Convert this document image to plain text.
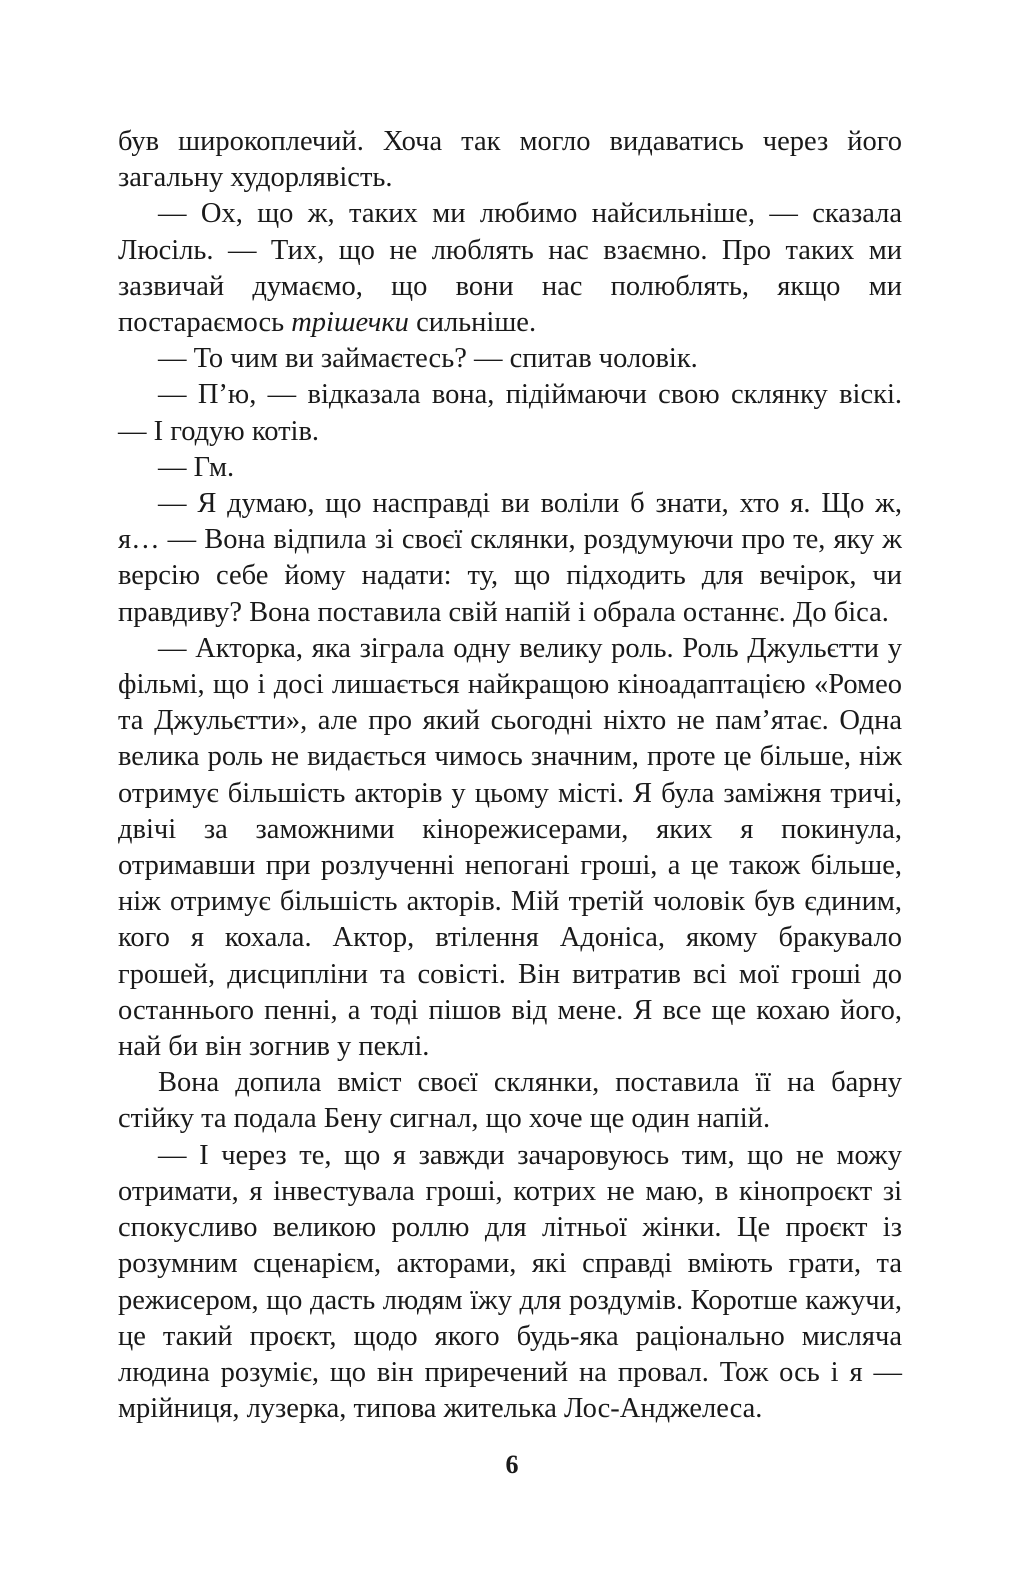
був широкоплечий. Хоча так могло видаватись через його загальну худорлявість.

— Ох, що ж, таких ми любимо найсильніше, — сказала Люсіль. — Тих, що не люблять нас взаємно. Про таких ми зазвичай думаємо, що вони нас полюблять, якщо ми постараємось трішечки сильніше.

— То чим ви займаєтесь? — спитав чоловік.

— П’ю, — відказала вона, підіймаючи свою склянку віскі. — І годую котів.

— Гм.

— Я думаю, що насправді ви воліли б знати, хто я. Що ж, я… — Вона відпила зі своєї склянки, роздумуючи про те, яку ж версію себе йому надати: ту, що підходить для вечірок, чи правдиву? Вона поставила свій напій і обрала останнє. До біса.

— Акторка, яка зіграла одну велику роль. Роль Джульєтти у фільмі, що і досі лишається найкращою кіноадаптацією «Ромео та Джульєтти», але про який сьогодні ніхто не пам’ятає. Одна велика роль не видається чимось значним, проте це більше, ніж отримує більшість акторів у цьому місті. Я була заміжня тричі, двічі за заможними кінорежисерами, яких я покинула, отримавши при розлученні непогані гроші, а це також більше, ніж отримує більшість акторів. Мій третій чоловік був єдиним, кого я кохала. Актор, втілення Адоніса, якому бракувало грошей, дисципліни та совісті. Він витратив всі мої гроші до останнього пенні, а тоді пішов від мене. Я все ще кохаю його, най би він зогнив у пеклі.

Вона допила вміст своєї склянки, поставила її на барну стійку та подала Бену сигнал, що хоче ще один напій.

— І через те, що я завжди зачаровуюсь тим, що не можу отримати, я інвестувала гроші, котрих не маю, в кінопроєкт зі спокусливо великою роллю для літньої жінки. Це проєкт із розумним сценарієм, акторами, які справді вміють грати, та режисером, що дасть людям їжу для роздумів. Коротше кажучи, це такий проєкт, щодо якого будь-яка раціонально мисляча людина розуміє, що він приречений на провал. Тож ось і я — мрійниця, лузерка, типова жителька Лос-Анджелеса.

6
